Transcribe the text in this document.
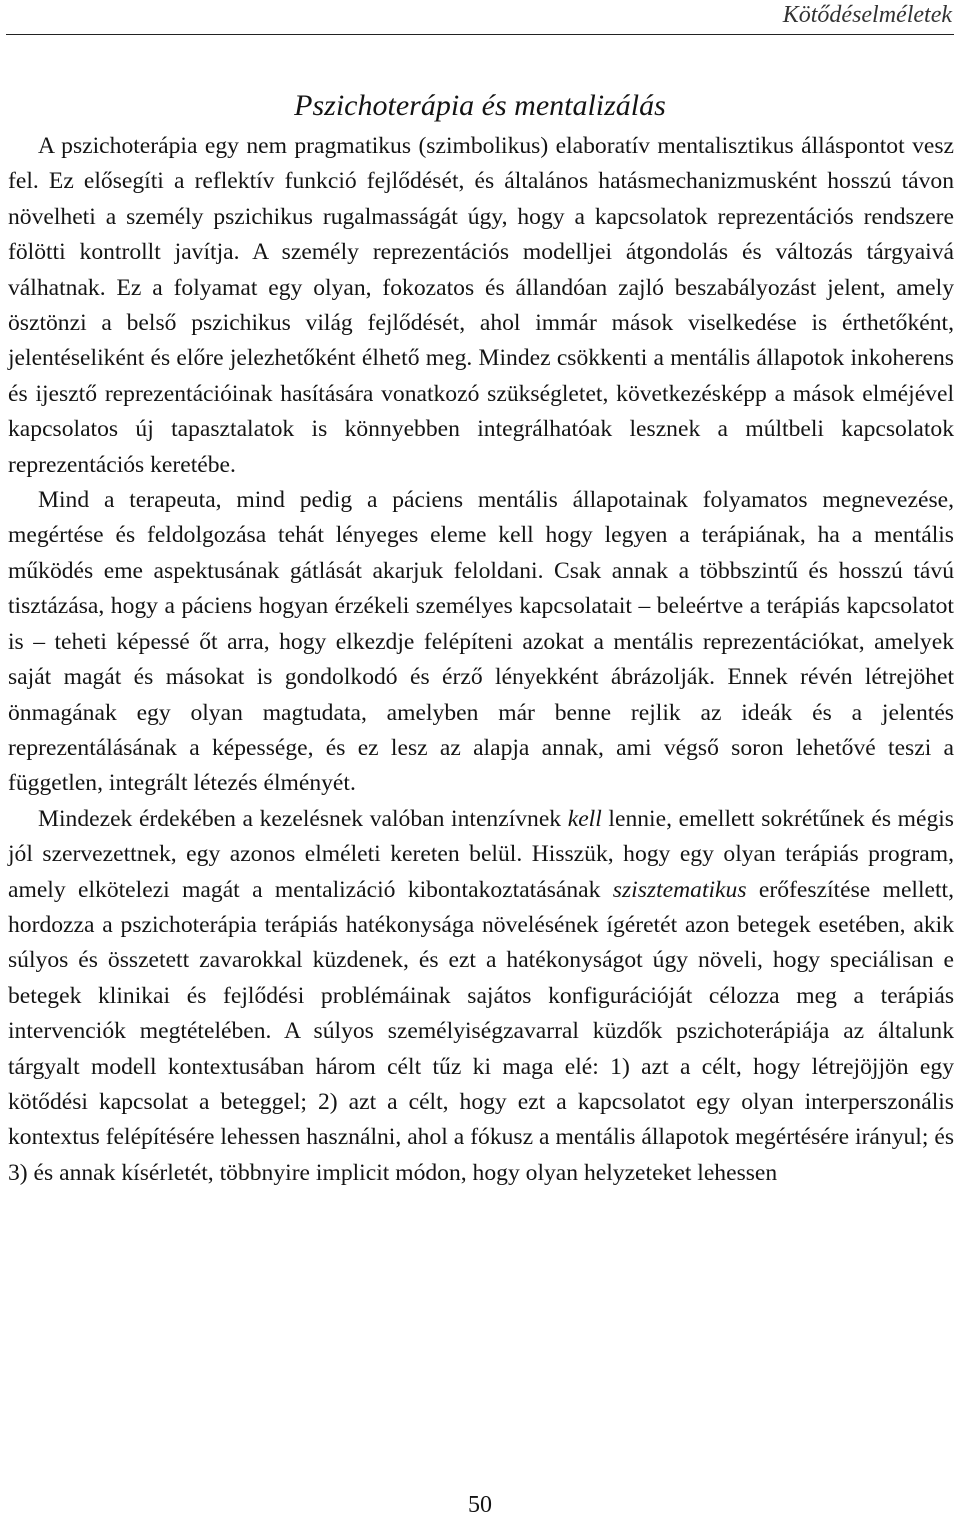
Kötődéselméletek
Pszichoterápia és mentalizálás

A pszichoterápia egy nem pragmatikus (szimbolikus) elaboratív mentalisztikus álláspontot vesz fel. Ez elősegíti a reflektív funkció fejlődését, és általános hatásmechanizmusként hosszú távon növelheti a személy pszichikus rugalmasságát úgy, hogy a kapcsolatok reprezentációs rendszere fölötti kontrollt javítja. A személy reprezentációs modelljei átgondolás és változás tárgyaivá válhatnak. Ez a folyamat egy olyan, fokozatos és állandóan zajló beszabályozást jelent, amely ösztönzi a belső pszichikus világ fejlődését, ahol immár mások viselkedése is érthetőként, jelentéseliként és előre jelezhetőként élhető meg. Mindez csökkenti a mentális állapotok inkoherens és ijesztő reprezentációinak hasítására vonatkozó szükségletet, következésképp a mások elméjével kapcsolatos új tapasztalatok is könnyebben integrálhatóak lesznek a múltbeli kapcsolatok reprezentációs keretébe.

Mind a terapeuta, mind pedig a páciens mentális állapotainak folyamatos megnevezése, megértése és feldolgozása tehát lényeges eleme kell hogy legyen a terápiának, ha a mentális működés eme aspektusának gátlását akarjuk feloldani. Csak annak a többszintű és hosszú távú tisztázása, hogy a páciens hogyan érzékeli személyes kapcsolatait – beleértve a terápiás kapcsolatot is – teheti képessé őt arra, hogy elkezdje felépíteni azokat a mentális reprezentációkat, amelyek saját magát és másokat is gondolkodó és érző lényekként ábrázolják. Ennek révén létrejöhet önmagának egy olyan magtudata, amelyben már benne rejlik az ideák és a jelentés reprezentálásának a képessége, és ez lesz az alapja annak, ami végső soron lehetővé teszi a független, integrált létezés élményét.

Mindezek érdekében a kezelésnek valóban intenzívnek kell lennie, emellett sokrétűnek és mégis jól szervezettnek, egy azonos elméleti kereten belül. Hisszük, hogy egy olyan terápiás program, amely elkötelezi magát a mentalizáció kibontakoztatásának szisztematikus erőfeszítése mellett, hordozza a pszichoterápia terápiás hatékonysága növelésének ígéretét azon betegek esetében, akik súlyos és összetett zavarokkal küzdenek, és ezt a hatékonyságot úgy növeli, hogy speciálisan e betegek klinikai és fejlődési problémáinak sajátos konfigurációját célozza meg a terápiás intervenciók megtételében. A súlyos személyiségzavarral küzdők pszichoterápiája az általunk tárgyalt modell kontextusában három célt tűz ki maga elé: 1) azt a célt, hogy létrejöjjön egy kötődési kapcsolat a beteggel; 2) azt a célt, hogy ezt a kapcsolatot egy olyan interperszonális kontextus felépítésére lehessen használni, ahol a fókusz a mentális állapotok megértésére irányul; és 3) és annak kísérletét, többnyire implicit módon, hogy olyan helyzeteket lehessen

50
